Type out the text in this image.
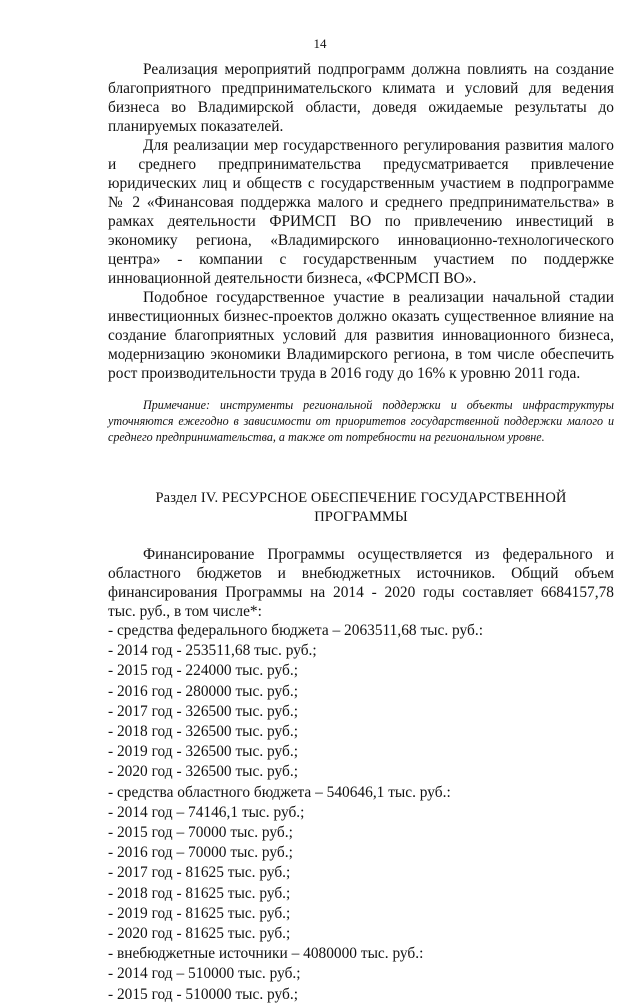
14

Реализация мероприятий подпрограмм должна повлиять на создание благоприятного предпринимательского климата и условий для ведения бизнеса во Владимирской области, доведя ожидаемые результаты до планируемых показателей.

Для реализации мер государственного регулирования развития малого и среднего предпринимательства предусматривается привлечение юридических лиц и обществ с государственным участием в подпрограмме № 2 «Финансовая поддержка малого и среднего предпринимательства» в рамках деятельности ФРИМСП ВО по привлечению инвестиций в экономику региона, «Владимирского инновационно-технологического центра» - компании с государственным участием по поддержке инновационной деятельности бизнеса, «ФСРМСП ВО».

Подобное государственное участие в реализации начальной стадии инвестиционных бизнес-проектов должно оказать существенное влияние на создание благоприятных условий для развития инновационного бизнеса, модернизацию экономики Владимирского региона, в том числе обеспечить рост производительности труда в 2016 году до 16% к уровню 2011 года.

Примечание: инструменты региональной поддержки и объекты инфраструктуры уточняются ежегодно в зависимости от приоритетов государственной поддержки малого и среднего предпринимательства, а также от потребности на региональном уровне.

Раздел IV. РЕСУРСНОЕ ОБЕСПЕЧЕНИЕ ГОСУДАРСТВЕННОЙ ПРОГРАММЫ

Финансирование Программы осуществляется из федерального и областного бюджетов и внебюджетных источников. Общий объем финансирования Программы на 2014 - 2020 годы составляет 6684157,78 тыс. руб., в том числе*:

- средства федерального бюджета – 2063511,68 тыс. руб.:
- 2014 год - 253511,68 тыс. руб.;
- 2015 год - 224000 тыс. руб.;
- 2016 год - 280000 тыс. руб.;
- 2017 год - 326500 тыс. руб.;
- 2018 год - 326500 тыс. руб.;
- 2019 год - 326500 тыс. руб.;
- 2020 год - 326500 тыс. руб.;
- средства областного бюджета – 540646,1 тыс. руб.:
- 2014 год – 74146,1 тыс. руб.;
- 2015 год – 70000 тыс. руб.;
- 2016 год – 70000 тыс. руб.;
- 2017 год - 81625 тыс. руб.;
- 2018 год - 81625 тыс. руб.;
- 2019 год - 81625 тыс. руб.;
- 2020 год - 81625 тыс. руб.;
- внебюджетные источники – 4080000 тыс. руб.:
- 2014 год – 510000 тыс. руб.;
- 2015 год - 510000 тыс. руб.;
